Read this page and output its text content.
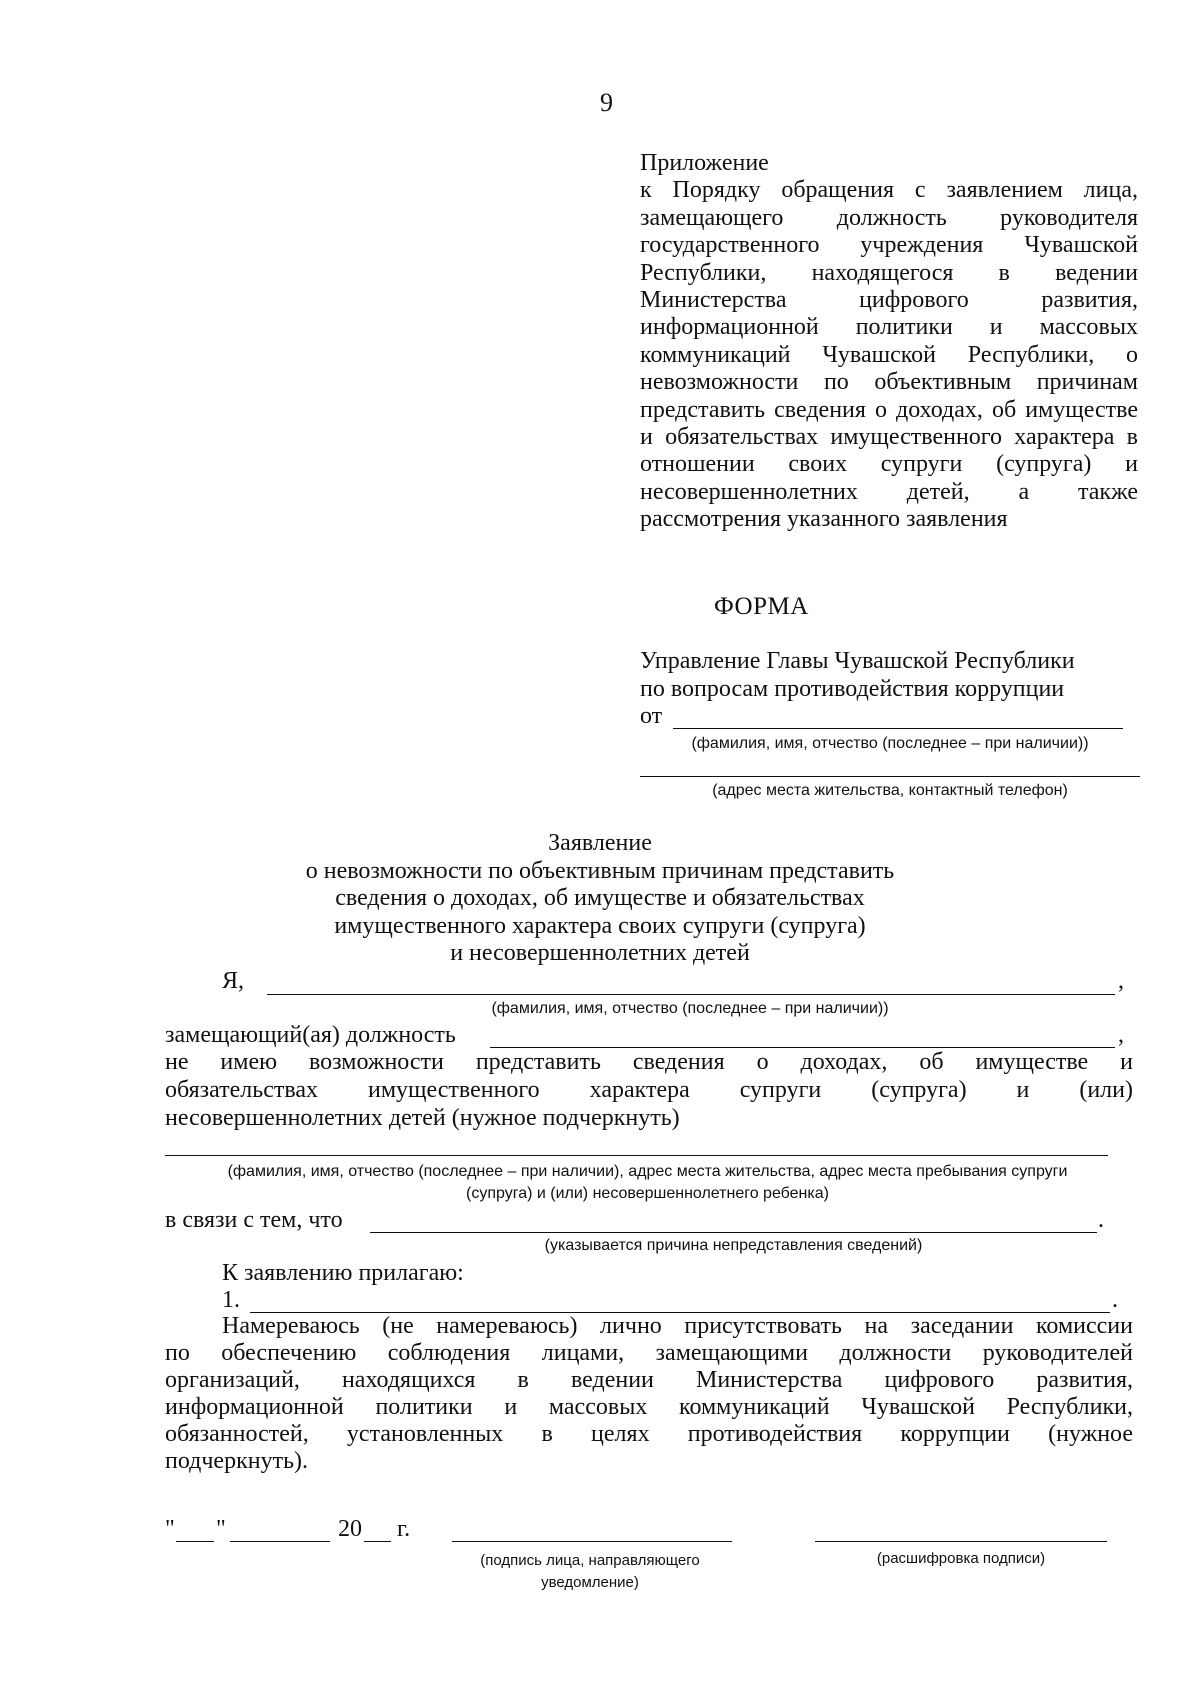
9
Приложение
к Порядку обращения с заявлением лица, замещающего должность руководителя государственного учреждения Чувашской Республики, находящегося в ведении Министерства цифрового развития, информационной политики и массовых коммуникаций Чувашской Республики, о невозможности по объективным причинам представить сведения о доходах, об имуществе и обязательствах имущественного характера в отношении своих супруги (супруга) и несовершеннолетних детей, а также рассмотрения указанного заявления
ФОРМА
Управление Главы Чувашской Республики
по вопросам противодействия коррупции
от
(фамилия, имя, отчество (последнее – при наличии))
(адрес места жительства, контактный телефон)
Заявление
о невозможности по объективным причинам представить
сведения о доходах, об имуществе и обязательствах
имущественного характера своих супруги (супруга)
и несовершеннолетних детей
Я,	,
(фамилия, имя, отчество (последнее – при наличии))
замещающий(ая) должность	,
не имею возможности представить сведения о доходах, об имуществе и
обязательствах имущественного характера супруги (супруга) и (или)
несовершеннолетних детей (нужное подчеркнуть)
(фамилия, имя, отчество (последнее – при наличии), адрес места жительства, адрес места пребывания супруги
(супруга) и (или) несовершеннолетнего ребенка)
в связи с тем, что	.
(указывается причина непредставления сведений)
К заявлению прилагаю:
1.	.
Намереваюсь (не намереваюсь) лично присутствовать на заседании комиссии
по обеспечению соблюдения лицами, замещающими должности руководителей
организаций, находящихся в ведении Министерства цифрового развития,
информационной политики и массовых коммуникаций Чувашской Республики,
обязанностей, установленных в целях противодействия коррупции (нужное
подчеркнуть).
" "	20 г.
(подпись лица, направляющего
уведомление)
(расшифровка подписи)
